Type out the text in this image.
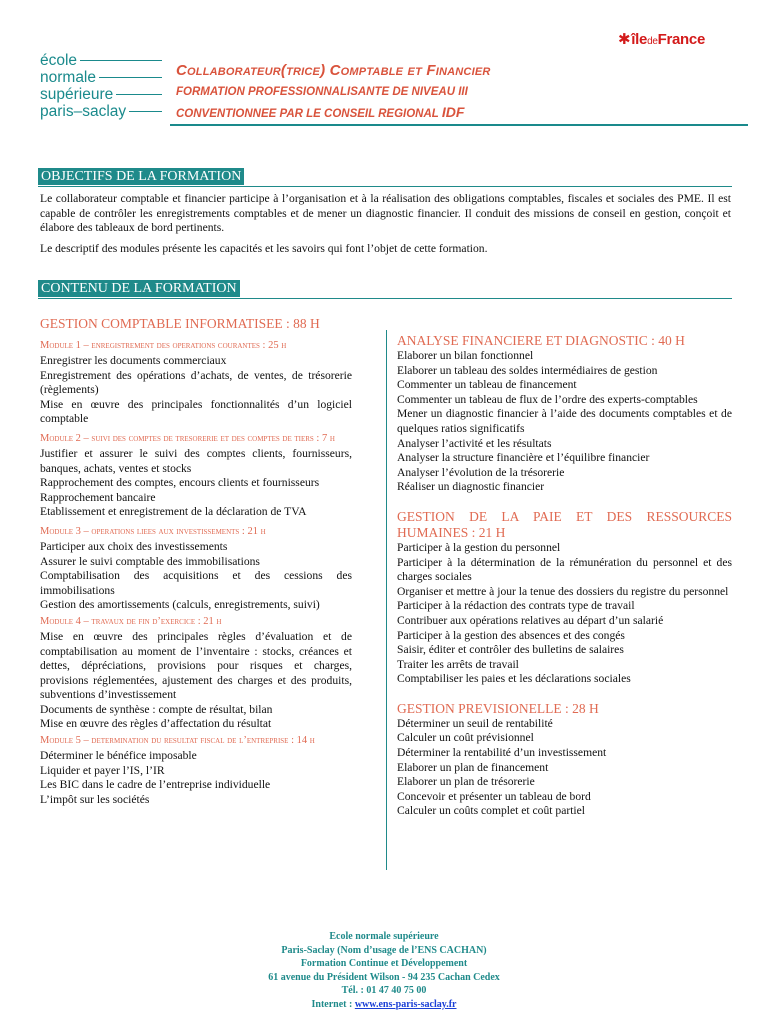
école
normale
supérieure
paris–saclay
✱îledeFrance
Collaborateur(trice) Comptable et Financier
FORMATION PROFESSIONNALISANTE DE NIVEAU III
CONVENTIONNEE PAR LE CONSEIL REGIONAL IDF
OBJECTIFS DE LA FORMATION
Le collaborateur comptable et financier participe à l’organisation et à la réalisation des obligations comptables, fiscales et sociales des PME. Il est capable de contrôler les enregistrements comptables et de mener un diagnostic financier. Il conduit des missions de conseil en gestion, conçoit et élabore des tableaux de bord pertinents.
Le descriptif des modules présente les capacités et les savoirs qui font l’objet de cette formation.
CONTENU DE LA FORMATION

GESTION COMPTABLE INFORMATISEE : 88 H

Module 1 – enregistrement des operations courantes : 25 h

Enregistrer les documents commerciaux

Enregistrement des opérations d’achats, de ventes, de trésorerie (règlements)

Mise en œuvre des principales fonctionnalités d’un logiciel comptable

Module 2 – suivi des comptes de tresorerie et des comptes de tiers : 7 h

Justifier et assurer le suivi des comptes clients, fournisseurs, banques, achats, ventes et stocks

Rapprochement des comptes, encours clients et fournisseurs

Rapprochement bancaire

Etablissement et enregistrement de la déclaration de TVA

Module 3 – operations liees aux investissements : 21 h

Participer aux choix des investissements

Assurer le suivi comptable des immobilisations

Comptabilisation des acquisitions et des cessions des immobilisations

Gestion des amortissements (calculs, enregistrements, suivi)

Module 4 – travaux de fin d’exercice : 21 h

Mise en œuvre des principales règles d’évaluation et de comptabilisation au moment de l’inventaire : stocks, créances et dettes, dépréciations, provisions pour risques et charges, provisions réglementées, ajustement des charges et des produits, subventions d’investissement

Documents de synthèse : compte de résultat, bilan

Mise en œuvre des règles d’affectation du résultat

Module 5 – determination du resultat fiscal de l’entreprise : 14 h

Déterminer le bénéfice imposable

Liquider et payer l’IS, l’IR

Les BIC dans le cadre de l’entreprise individuelle

L’impôt sur les sociétés

ANALYSE FINANCIERE ET DIAGNOSTIC : 40 H

Elaborer un bilan fonctionnel

Elaborer un tableau des soldes intermédiaires de gestion

Commenter un tableau de financement

Commenter un tableau de flux de l’ordre des experts-comptables

Mener un diagnostic financier à l’aide des documents comptables et de quelques ratios significatifs

Analyser l’activité et les résultats

Analyser la structure financière et l’équilibre financier

Analyser l’évolution de la trésorerie

Réaliser un diagnostic financier

GESTION DE LA PAIE ET DES RESSOURCES HUMAINES : 21 H

Participer à la gestion du personnel

Participer à la détermination de la rémunération du personnel et des charges sociales

Organiser et mettre à jour la tenue des dossiers du registre du personnel

Participer à la rédaction des contrats type de travail

Contribuer aux opérations relatives au départ d’un salarié

Participer à la gestion des absences et des congés

Saisir, éditer et contrôler des bulletins de salaires

Traiter les arrêts de travail

Comptabiliser les paies et les déclarations sociales

GESTION PREVISIONELLE : 28 H

Déterminer un seuil de rentabilité

Calculer un coût prévisionnel

Déterminer la rentabilité d’un investissement

Elaborer un plan de financement

Elaborer un plan de trésorerie

Concevoir et présenter un tableau de bord

Calculer un coûts complet et coût partiel

Ecole normale supérieure
Paris-Saclay (Nom d’usage de l’ENS CACHAN)
Formation Continue et Développement
61 avenue du Président Wilson - 94 235 Cachan Cedex
Tél. : 01 47 40 75 00
Internet : www.ens-paris-saclay.fr
